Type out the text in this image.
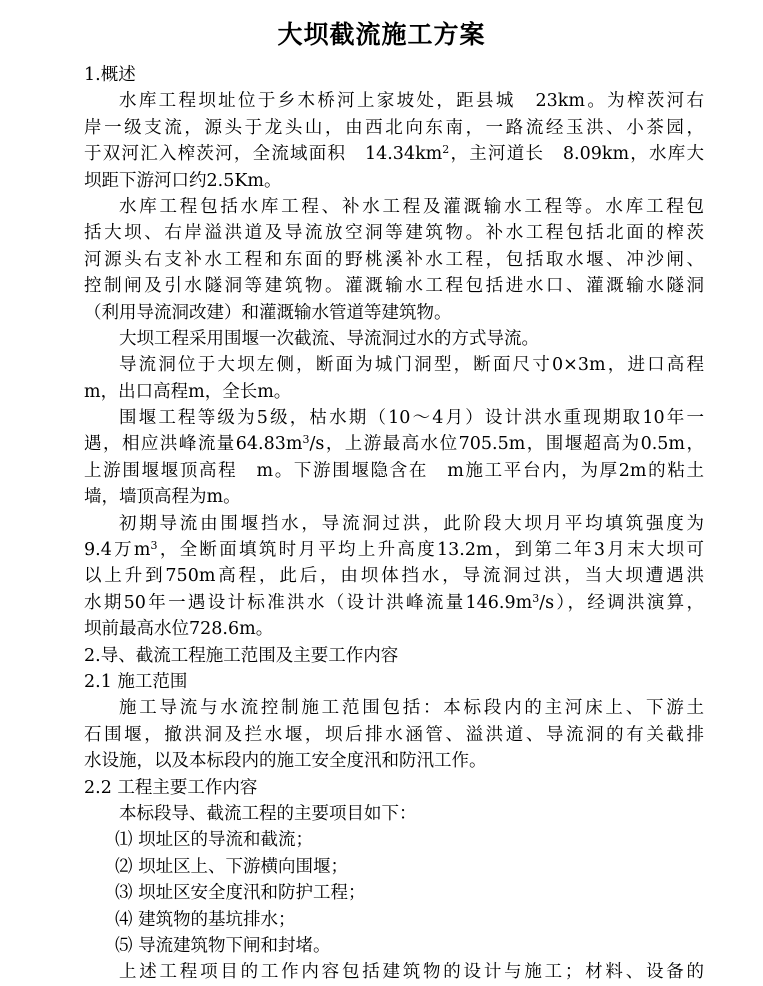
大坝截流施工方案
1.概述
水库工程坝址位于乡木桥河上家坡处，距县城　23km。为榨茨河右
岸一级支流，源头于龙头山，由西北向东南，一路流经玉洪、小茶园，
于双河汇入榨茨河，全流域面积　$14.34km^2$，主河道长　8.09km，水库大
坝距下游河口约2.5Km。
水库工程包括水库工程、补水工程及灌溉输水工程等。水库工程包
括大坝、右岸溢洪道及导流放空洞等建筑物。补水工程包括北面的榨茨
河源头右支补水工程和东面的野桃溪补水工程，包括取水堰、冲沙闸、
控制闸及引水隧洞等建筑物。灌溉输水工程包括进水口、灌溉输水隧洞
（利用导流洞改建）和灌溉输水管道等建筑物。
大坝工程采用围堰一次截流、导流洞过水的方式导流。
导流洞位于大坝左侧，断面为城门洞型，断面尺寸0×3m，进口高程
m，出口高程m，全长m。
围堰工程等级为5级，枯水期（10～4月）设计洪水重现期取10年一
遇，相应洪峰流量$64.83m^3/s$，上游最高水位705.5m，围堰超高为0.5m，
上游围堰堰顶高程　m。下游围堰隐含在　m施工平台内，为厚2m的粘土
墙，墙顶高程为m。
初期导流由围堰挡水，导流洞过洪，此阶段大坝月平均填筑强度为
9.4万$m^3$，全断面填筑时月平均上升高度13.2m，到第二年3月末大坝可
以上升到750m高程，此后，由坝体挡水，导流洞过洪，当大坝遭遇洪
水期50年一遇设计标准洪水（设计洪峰流量$146.9m^3/s$），经调洪演算，
坝前最高水位728.6m。
2.导、截流工程施工范围及主要工作内容
2.1 施工范围
施工导流与水流控制施工范围包括：本标段内的主河床上、下游土
石围堰，撤洪洞及拦水堰，坝后排水涵管、溢洪道、导流洞的有关截排
水设施，以及本标段内的施工安全度汛和防汛工作。
2.2 工程主要工作内容
本标段导、截流工程的主要项目如下：
⑴ 坝址区的导流和截流；
⑵ 坝址区上、下游横向围堰；
⑶ 坝址区安全度汛和防护工程；
⑷ 建筑物的基坑排水；
⑸ 导流建筑物下闸和封堵。
上述工程项目的工作内容包括建筑物的设计与施工；材料、设备的
